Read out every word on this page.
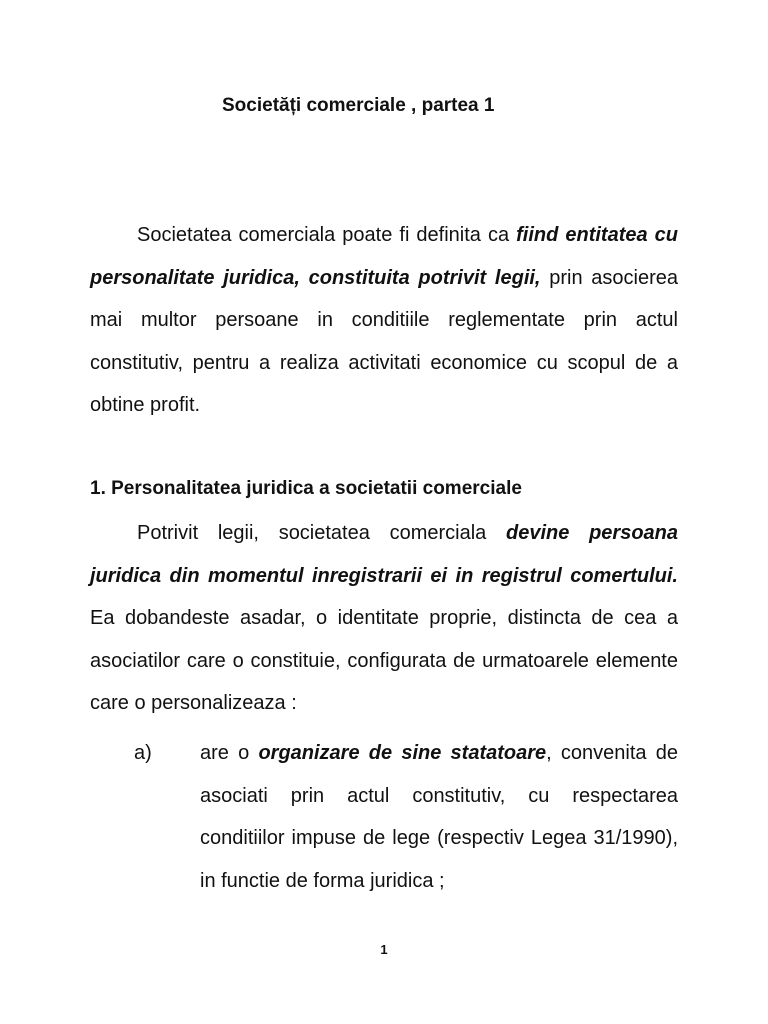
Societăți comerciale , partea 1

Societatea comerciala poate fi definita ca fiind entitatea cu personalitate juridica, constituita potrivit legii, prin asocierea mai multor persoane in conditiile reglementate prin actul constitutiv, pentru a realiza activitati economice cu scopul de a obtine profit.

1. Personalitatea juridica a societatii comerciale

Potrivit legii, societatea comerciala devine persoana juridica din momentul inregistrarii ei in registrul comertului. Ea dobandeste asadar, o identitate proprie, distincta de cea a asociatilor care o constituie, configurata de urmatoarele elemente care o personalizeaza :

a) are o organizare de sine statatoare, convenita de asociati prin actul constitutiv, cu respectarea conditiilor impuse de lege (respectiv Legea 31/1990), in functie de forma juridica ;
1
